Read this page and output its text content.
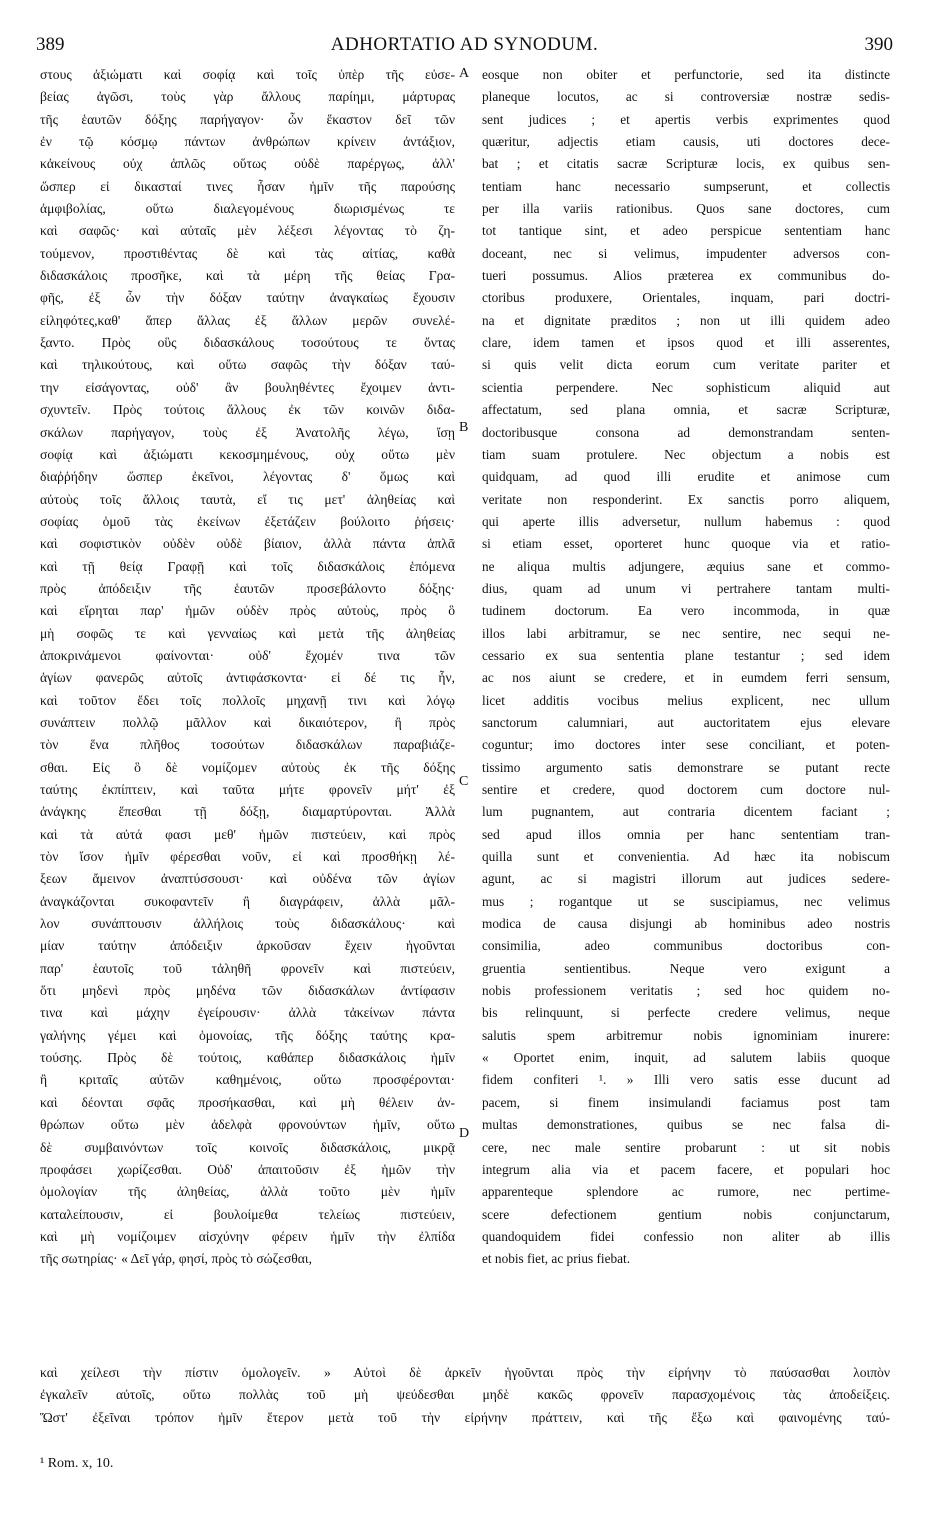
389	ADHORTATIO AD SYNODUM.	390
στους ἀξιώματι καὶ σοφίᾳ καὶ τοῖς ὑπὲρ τῆς εὐσε-
βείας ἀγῶσι, τοὺς γὰρ ἄλλους παρίημι, μάρτυρας
τῆς ἑαυτῶν δόξης παρήγαγον· ὧν ἕκαστον δεῖ τῶν
ἐν τῷ κόσμῳ πάντων ἀνθρώπων κρίνειν ἀντάξιον,
κἀκείνους οὐχ ἁπλῶς οὕτως οὐδὲ παρέργως, ἀλλ'
ὥσπερ εἰ δικασταί τινες ἦσαν ἡμῖν τῆς παρούσης
ἀμφιβολίας, οὕτω διαλεγομένους διωρισμένως τε
καὶ σαφῶς· καὶ αὐταῖς μὲν λέξεσι λέγοντας τὸ ζη-
τούμενον, προστιθέντας δὲ καὶ τὰς αἰτίας, καθὰ
διδασκάλοις προσῆκε, καὶ τὰ μέρη τῆς θείας Γρα-
φῆς, ἐξ ὧν τὴν δόξαν ταύτην ἀναγκαίως ἔχουσιν
εἰληφότες,καθ' ἅπερ ἄλλας ἐξ ἄλλων μερῶν συνελέ-
ξαντο. Πρὸς οὓς διδασκάλους τοσούτους τε ὄντας
καὶ τηλικούτους, καὶ οὕτω σαφῶς τὴν δόξαν ταύ-
την εἰσάγοντας, οὐδ' ἂν βουληθέντες ἔχοιμεν ἀντι-
σχυντεῖν. Πρὸς τούτοις ἄλλους ἐκ τῶν κοινῶν διδα-
σκάλων παρήγαγον, τοὺς ἐξ Ἀνατολῆς λέγω, ἴσῃ
σοφίᾳ καὶ ἀξιώματι κεκοσμημένους, οὐχ οὕτω μὲν
διαῤῥήδην ὥσπερ ἐκεῖνοι, λέγοντας δ' ὅμως καὶ
αὐτοὺς τοῖς ἄλλοις ταυτὰ, εἴ τις μετ' ἀληθείας καὶ
σοφίας ὁμοῦ τὰς ἐκείνων ἐξετάζειν βούλοιτο ῥήσεις·
καὶ σοφιστικὸν οὐδὲν οὐδὲ βίαιον, ἀλλὰ πάντα ἁπλᾶ
καὶ τῇ θείᾳ Γραφῇ καὶ τοῖς διδασκάλοις ἑπόμενα
πρὸς ἀπόδειξιν τῆς ἑαυτῶν προσεβάλοντο δόξης·
καὶ εἴρηται παρ' ἡμῶν οὐδὲν πρὸς αὐτοὺς, πρὸς ὃ
μὴ σοφῶς τε καὶ γενναίως καὶ μετὰ τῆς ἀληθείας
ἀποκρινάμενοι φαίνονται· οὐδ' ἔχομέν τινα τῶν
ἁγίων φανερῶς αὐτοῖς ἀντιφάσκοντα· εἰ δέ τις ἦν,
καὶ τοῦτον ἔδει τοῖς πολλοῖς μηχανῇ τινι καὶ λόγῳ
συνάπτειν πολλῷ μᾶλλον καὶ δικαιότερον, ἢ πρὸς
τὸν ἕνα πλῆθος τοσούτων διδασκάλων παραβιάζε-
σθαι. Εἰς ὃ δὲ νομίζομεν αὐτοὺς ἐκ τῆς δόξης
ταύτης ἐκπίπτειν, καὶ ταῦτα μήτε φρονεῖν μήτ' ἐξ
ἀνάγκης ἕπεσθαι τῇ δόξῃ, διαμαρτύρονται. Ἀλλὰ
καὶ τὰ αὐτά φασι μεθ' ἡμῶν πιστεύειν, καὶ πρὸς
τὸν ἴσον ἡμῖν φέρεσθαι νοῦν, εἰ καὶ προσθήκῃ λέ-
ξεων ἄμεινον ἀναπτύσσουσι· καὶ οὐδένα τῶν ἁγίων
ἀναγκάζονται συκοφαντεῖν ἢ διαγράφειν, ἀλλὰ μᾶλ-
λον συνάπτουσιν ἀλλήλοις τοὺς διδασκάλους· καὶ
μίαν ταύτην ἀπόδειξιν ἀρκοῦσαν ἔχειν ἡγοῦνται
παρ' ἑαυτοῖς τοῦ τἀληθῆ φρονεῖν καὶ πιστεύειν,
ὅτι μηδενὶ πρὸς μηδένα τῶν διδασκάλων ἀντίφασιν
τινα καὶ μάχην ἐγείρουσιν· ἀλλὰ τἀκείνων πάντα
γαλήνης γέμει καὶ ὁμονοίας, τῆς δόξης ταύτης κρα-
τούσης. Πρὸς δὲ τούτοις, καθάπερ διδασκάλοις ἡμῖν
ἢ κριταῖς αὐτῶν καθημένοις, οὕτω προσφέρονται·
καὶ δέονται σφᾶς προσήκασθαι, καὶ μὴ θέλειν ἀν-
θρώπων οὕτω μὲν ἀδελφὰ φρονούντων ἡμῖν, οὕτω
δὲ συμβαινόντων τοῖς κοινοῖς διδασκάλοις, μικρᾷ
προφάσει χωρίζεσθαι. Οὐδ' ἀπαιτοῦσιν ἐξ ἡμῶν τὴν
ὁμολογίαν τῆς ἀληθείας, ἀλλὰ τοῦτο μὲν ἡμῖν
καταλείπουσιν, εἰ βουλοίμεθα τελείως πιστεύειν,
καὶ μὴ νομίζοιμεν αἰσχύνην φέρειν ἡμῖν τὴν ἐλπίδα
τῆς σωτηρίας· « Δεῖ γάρ, φησί, πρὸς τὸ σώζεσθαι,
eosque non obiter et perfunctorie, sed ita distincte
planeque locutos, ac si controversiæ nostræ sedis-
sent judices ; et apertis verbis exprimentes quod
quæritur, adjectis etiam causis, uti doctores dece-
bat ; et citatis sacræ Scripturæ locis, ex quibus sen-
tentiam hanc necessario sumpserunt, et collectis
per illa variis rationibus. Quos sane doctores, cum
tot tantique sint, et adeo perspicue sententiam hanc
doceant, nec si velimus, impudenter adversos con-
tueri possumus. Alios præterea ex communibus do-
ctoribus produxere, Orientales, inquam, pari doctri-
na et dignitate præditos ; non ut illi quidem adeo
clare, idem tamen et ipsos quod et illi asserentes,
si quis velit dicta eorum cum veritate pariter et
scientia perpendere. Nec sophisticum aliquid aut
affectatum, sed plana omnia, et sacræ Scripturæ,
doctoribusque consona ad demonstrandam senten-
tiam suam protulere. Nec objectum a nobis est
quidquam, ad quod illi erudite et animose cum
veritate non responderint. Ex sanctis porro aliquem,
qui aperte illis adversetur, nullum habemus : quod
si etiam esset, oporteret hunc quoque via et ratio-
ne aliqua multis adjungere, æquius sane et commo-
dius, quam ad unum vi pertrahere tantam multi-
tudinem doctorum. Ea vero incommoda, in quæ
illos labi arbitramur, se nec sentire, nec sequi ne-
cessario ex sua sententia plane testantur ; sed idem
ac nos aiunt se credere, et in eumdem ferri sensum,
licet additis vocibus melius explicent, nec ullum
sanctorum calumniari, aut auctoritatem ejus elevare
coguntur; imo doctores inter sese conciliant, et poten-
tissimo argumento satis demonstrare se putant recte
sentire et credere, quod doctorem cum doctore nul-
lum pugnantem, aut contraria dicentem faciant ;
sed apud illos omnia per hanc sententiam tran-
quilla sunt et convenientia. Ad hæc ita nobiscum
agunt, ac si magistri illorum aut judices sedere-
mus ; rogantque ut se suscipiamus, nec velimus
modica de causa disjungi ab hominibus adeo nostris
consimilia, adeo communibus doctoribus con-
gruentia sentientibus. Neque vero exigunt a
nobis professionem veritatis ; sed hoc quidem no-
bis relinquunt, si perfecte credere velimus, neque
salutis spem arbitremur nobis ignominiam inurere:
« Oportet enim, inquit, ad salutem labiis quoque
fidem confiteri ¹. » Illi vero satis esse ducunt ad
pacem, si finem insimulandi faciamus post tam
multas demonstrationes, quibus se nec falsa di-
cere, nec male sentire probarunt : ut sit nobis
integrum alia via et pacem facere, et populari hoc
apparenteque splendore ac rumore, nec pertime-
scere defectionem gentium nobis conjunctarum,
quandoquidem fidei confessio non aliter ab illis
et nobis fiet, ac prius fiebat.
A
B
C
D
καὶ χείλεσι τὴν πίστιν ὁμολογεῖν. » Αὐτοὶ δὲ ἀρκεῖν ἡγοῦνται πρὸς τὴν εἰρήνην τὸ παύσασθαι λοιπὸν
ἐγκαλεῖν αὐτοῖς, οὕτω πολλὰς τοῦ μὴ ψεύδεσθαι μηδὲ κακῶς φρονεῖν παρασχομένοις τὰς ἀποδείξεις.
Ὥστ' ἐξεῖναι τρόπον ἡμῖν ἕτερον μετὰ τοῦ τὴν εἰρήνην πράττειν, καὶ τῆς ἔξω καὶ φαινομένης ταύ-
¹ Rom. x, 10.
